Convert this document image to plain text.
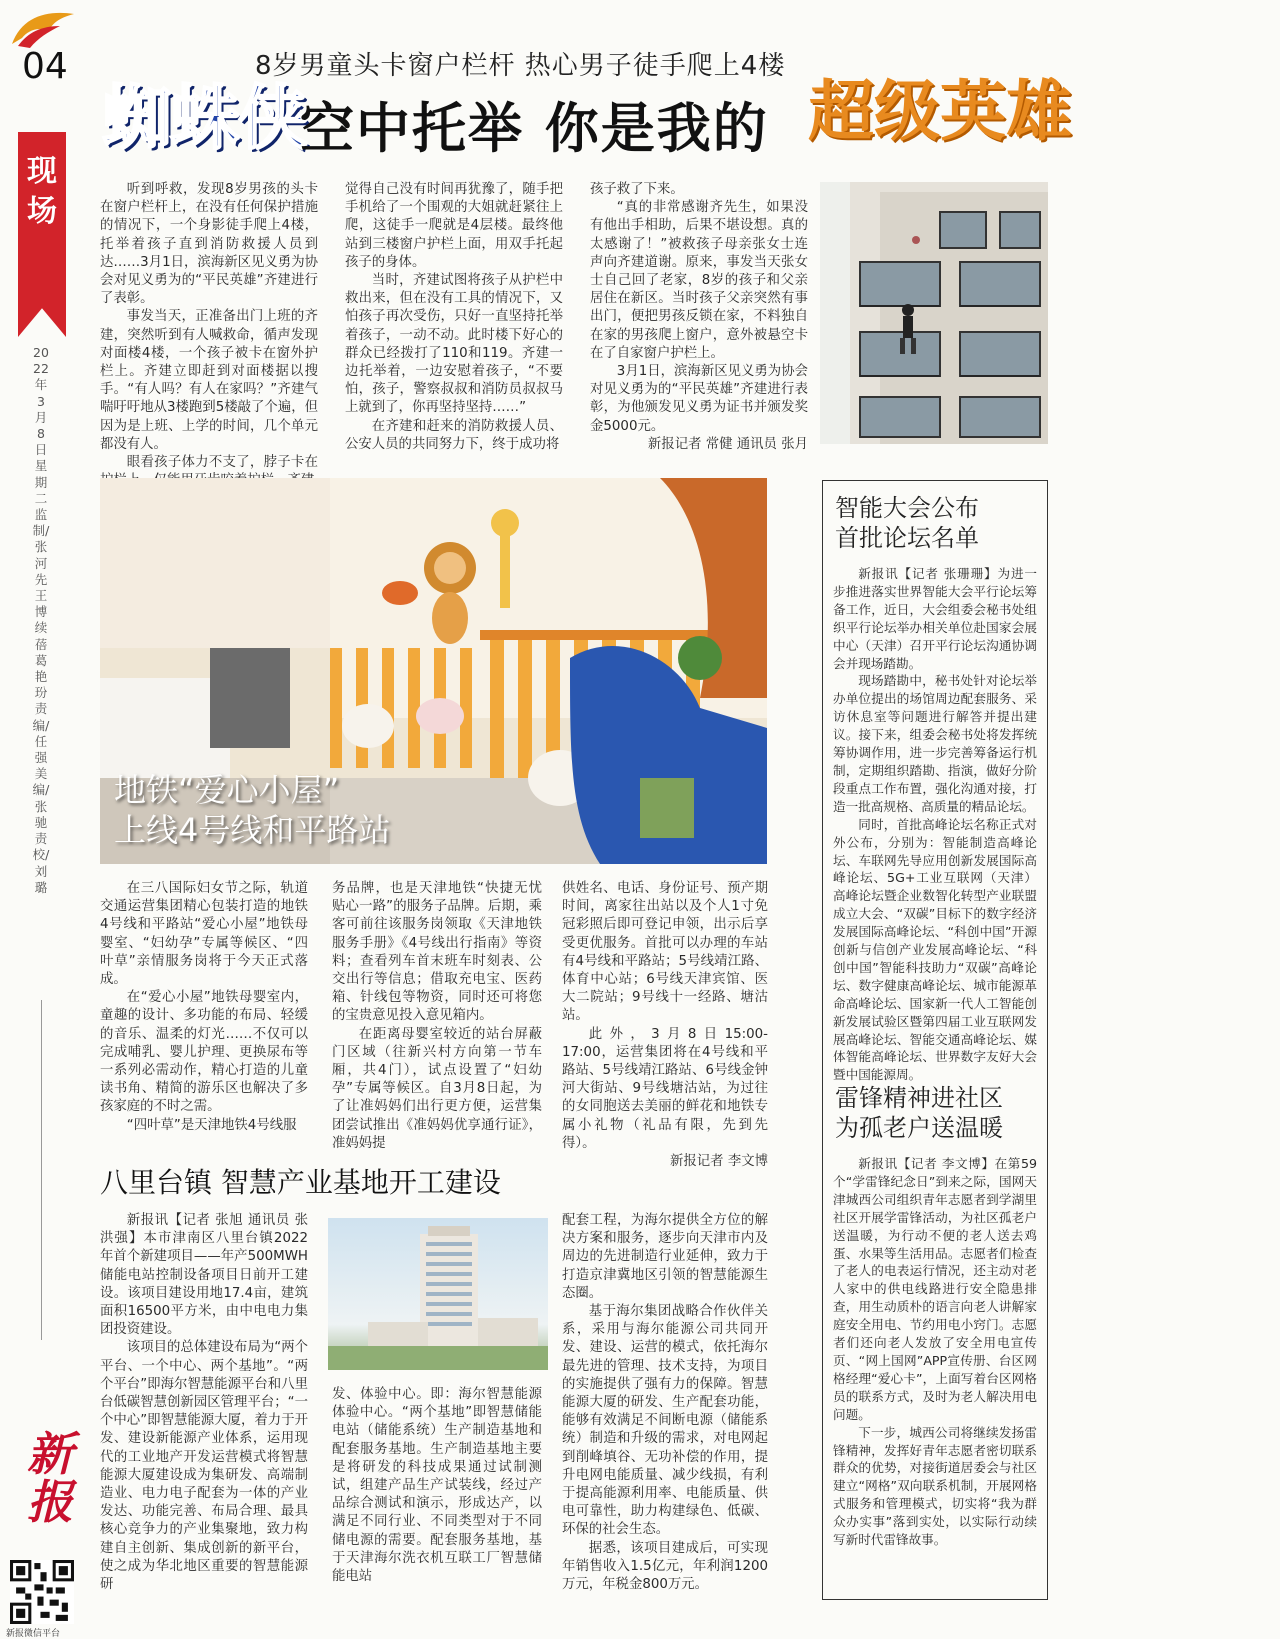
04
现场
2022年3月8日 星期二 监制/张河先 王博 续蓓 葛艳玢 责编/任强 美编/张驰 责校/刘璐
新报
新报微信平台
8岁男童头卡窗户栏杆 热心男子徒手爬上4楼
蜘蛛侠
空中托举 你是我的 超级英雄

听到呼救，发现8岁男孩的头卡在窗户栏杆上，在没有任何保护措施的情况下，一个身影徒手爬上4楼，托举着孩子直到消防救援人员到达……3月1日，滨海新区见义勇为协会对见义勇为的“平民英雄”齐建进行了表彰。

事发当天，正准备出门上班的齐建，突然听到有人喊救命，循声发现对面楼4楼，一个孩子被卡在窗外护栏上。齐建立即赶到对面楼据以搜手。“有人吗？有人在家吗？”齐建气喘吁吁地从3楼跑到5楼敲了个遍，但因为是上班、上学的时间，几个单元都没有人。

眼看孩子体力不支了，脖子卡在

觉得自己没有时间再犹豫了，随手把手机给了一个围观的大姐就赶紧往上爬，这徒手一爬就是4层楼。最终他站到三楼窗户护栏上面，用双手托起孩子的身体。

当时，齐建试图将孩子从护栏中救出来，但在没有工具的情况下，又怕孩子再次受伤，只好一直坚持托举着孩子，一动不动。此时楼下好心的群众已经拨打了110和119。齐建一边托举着，一边安慰着孩子，“不要怕，孩子，警察叔叔和消防员叔叔马上就到了，你再坚持坚持……”

在齐建和赶来的消防救援人员、公安人员的共同努力下，终于成功将

孩子救了下来。

“真的非常感谢齐先生，如果没有他出手相助，后果不堪设想。真的太感谢了！”被救孩子母亲张女士连声向齐建道谢。原来，事发当天张女士自己回了老家，8岁的孩子和父亲居住在新区。当时孩子父亲突然有事出门，便把男孩反锁在家，不料独自在家的男孩爬上窗户，意外被悬空卡在了自家窗户护栏上。

3月1日，滨海新区见义勇为协会对见义勇为的“平民英雄”齐建进行表彰，为他颁发见义勇为证书并颁发奖金5000元。

新报记者 常健 通讯员 张月

地铁“爱心小屋”
上线4号线和平路站

在三八国际妇女节之际，轨道交通运营集团精心包装打造的地铁4号线和平路站“爱心小屋”地铁母婴室、“妇幼孕”专属等候区、“四叶草”亲情服务岗将于今天正式落成。

在“爱心小屋”地铁母婴室内，童趣的设计、多功能的布局、轻缓的音乐、温柔的灯光……不仅可以完成哺乳、婴儿护理、更换尿布等一系列必需动作，精心打造的儿童读书角、精简的游乐区也解决了多孩家庭的不时之需。

“四叶草”是天津地铁4号线服

务品牌，也是天津地铁“快捷无忧 贴心一路”的服务子品牌。后期，乘客可前往该服务岗领取《天津地铁服务手册》《4号线出行指南》等资料；查看列车首末班车时刻表、公交出行等信息；借取充电宝、医药箱、针线包等物资，同时还可将您的宝贵意见投入意见箱内。

在距离母婴室较近的站台屏蔽门区域（往新兴村方向第一节车厢，共4门），试点设置了“妇幼孕”专属等候区。自3月8日起，为了让准妈妈们出行更方便，运营集团尝试推出《准妈妈优享通行证》，准妈妈提

供姓名、电话、身份证号、预产期时间，离家往出站以及个人1寸免冠彩照后即可登记申领，出示后享受更优服务。首批可以办理的车站有4号线和平路站；5号线靖江路、体育中心站；6号线天津宾馆、医大二院站；9号线十一经路、塘沽站。

此外，3月8日15:00-17:00，运营集团将在4号线和平路站、5号线靖江路站、6号线金钟河大街站、9号线塘沽站，为过往的女同胞送去美丽的鲜花和地铁专属小礼物（礼品有限，先到先得）。

新报记者 李文博

八里台镇 智慧产业基地开工建设

新报讯【记者 张旭 通讯员 张洪强】本市津南区八里台镇2022年首个新建项目——年产500MWH储能电站控制设备项目日前开工建设。该项目建设用地17.4亩，建筑面积16500平方米，由中电电力集团投资建设。

该项目的总体建设布局为“两个平台、一个中心、两个基地”。“两个平台”即海尔智慧能源平台和八里台低碳智慧创新园区管理平台；“一个中心”即智慧能源大厦，着力于开发、建设新能源产业体系，运用现代的工业地产开发运营模式将智慧能源大厦建设成为集研发、高端制造业、电力电子配套为一体的产业发达、功能完善、布局合理、最具核心竞争力的产业集聚地，致力构建自主创新、集成创新的新平台，使之成为华北地区重要的智慧能源研

发、体验中心。即：海尔智慧能源体验中心。“两个基地”即智慧储能电站（储能系统）生产制造基地和配套服务基地。生产制造基地主要是将研发的科技成果通过试制测试，组建产品生产试装线，经过产品综合测试和演示，形成达产，以满足不同行业、不同类型对于不同储电源的需要。配套服务基地，基于天津海尔洗衣机互联工厂智慧储能电站

配套工程，为海尔提供全方位的解决方案和服务，逐步向天津市内及周边的先进制造行业延伸，致力于打造京津冀地区引领的智慧能源生态圈。

基于海尔集团战略合作伙伴关系，采用与海尔能源公司共同开发、建设、运营的模式，依托海尔最先进的管理、技术支持，为项目的实施提供了强有力的保障。智慧能源大厦的研发、生产配套功能，能够有效满足不间断电源（储能系统）制造和升级的需求，对电网起到削峰填谷、无功补偿的作用，提升电网电能质量、减少线损，有利于提高能源利用率、电能质量、供电可靠性，助力构建绿色、低碳、环保的社会生态。

据悉，该项目建成后，可实现年销售收入1.5亿元，年利润1200万元，年税金800万元。

智能大会公布
首批论坛名单

新报讯【记者 张珊珊】为进一步推进落实世界智能大会平行论坛筹备工作，近日，大会组委会秘书处组织平行论坛举办相关单位赴国家会展中心（天津）召开平行论坛沟通协调会并现场踏勘。

现场踏勘中，秘书处针对论坛举办单位提出的场馆周边配套服务、采访休息室等问题进行解答并提出建议。接下来，组委会秘书处将发挥统筹协调作用，进一步完善筹备运行机制，定期组织踏勘、指演，做好分阶段重点工作布置，强化沟通对接，打造一批高规格、高质量的精品论坛。

同时，首批高峰论坛名称正式对外公布，分别为：智能制造高峰论坛、车联网先导应用创新发展国际高峰论坛、5G+工业互联网（天津）高峰论坛暨企业数智化转型产业联盟成立大会、“双碳”目标下的数字经济发展国际高峰论坛、“科创中国”开源创新与信创产业发展高峰论坛、“科创中国”智能科技助力“双碳”高峰论坛、数字健康高峰论坛、城市能源革命高峰论坛、国家新一代人工智能创新发展试验区暨第四届工业互联网发展高峰论坛、智能交通高峰论坛、媒体智能高峰论坛、世界数字友好大会暨中国能源周。

雷锋精神进社区
为孤老户送温暖

新报讯【记者 李文博】在第59个“学雷锋纪念日”到来之际，国网天津城西公司组织青年志愿者到学湖里社区开展学雷锋活动，为社区孤老户送温暖，为行动不便的老人送去鸡蛋、水果等生活用品。志愿者们检查了老人的电表运行情况，还主动对老人家中的供电线路进行安全隐患排查，用生动质朴的语言向老人讲解家庭安全用电、节约用电小窍门。志愿者们还向老人发放了安全用电宣传页、“网上国网”APP宣传册、台区网格经理“爱心卡”，上面写着台区网格员的联系方式，及时为老人解决用电问题。

下一步，城西公司将继续发扬雷锋精神，发挥好青年志愿者密切联系群众的优势，对接街道居委会与社区建立“网格”双向联系机制，开展网格式服务和管理模式，切实将“我为群众办实事”落到实处，以实际行动续写新时代雷锋故事。
